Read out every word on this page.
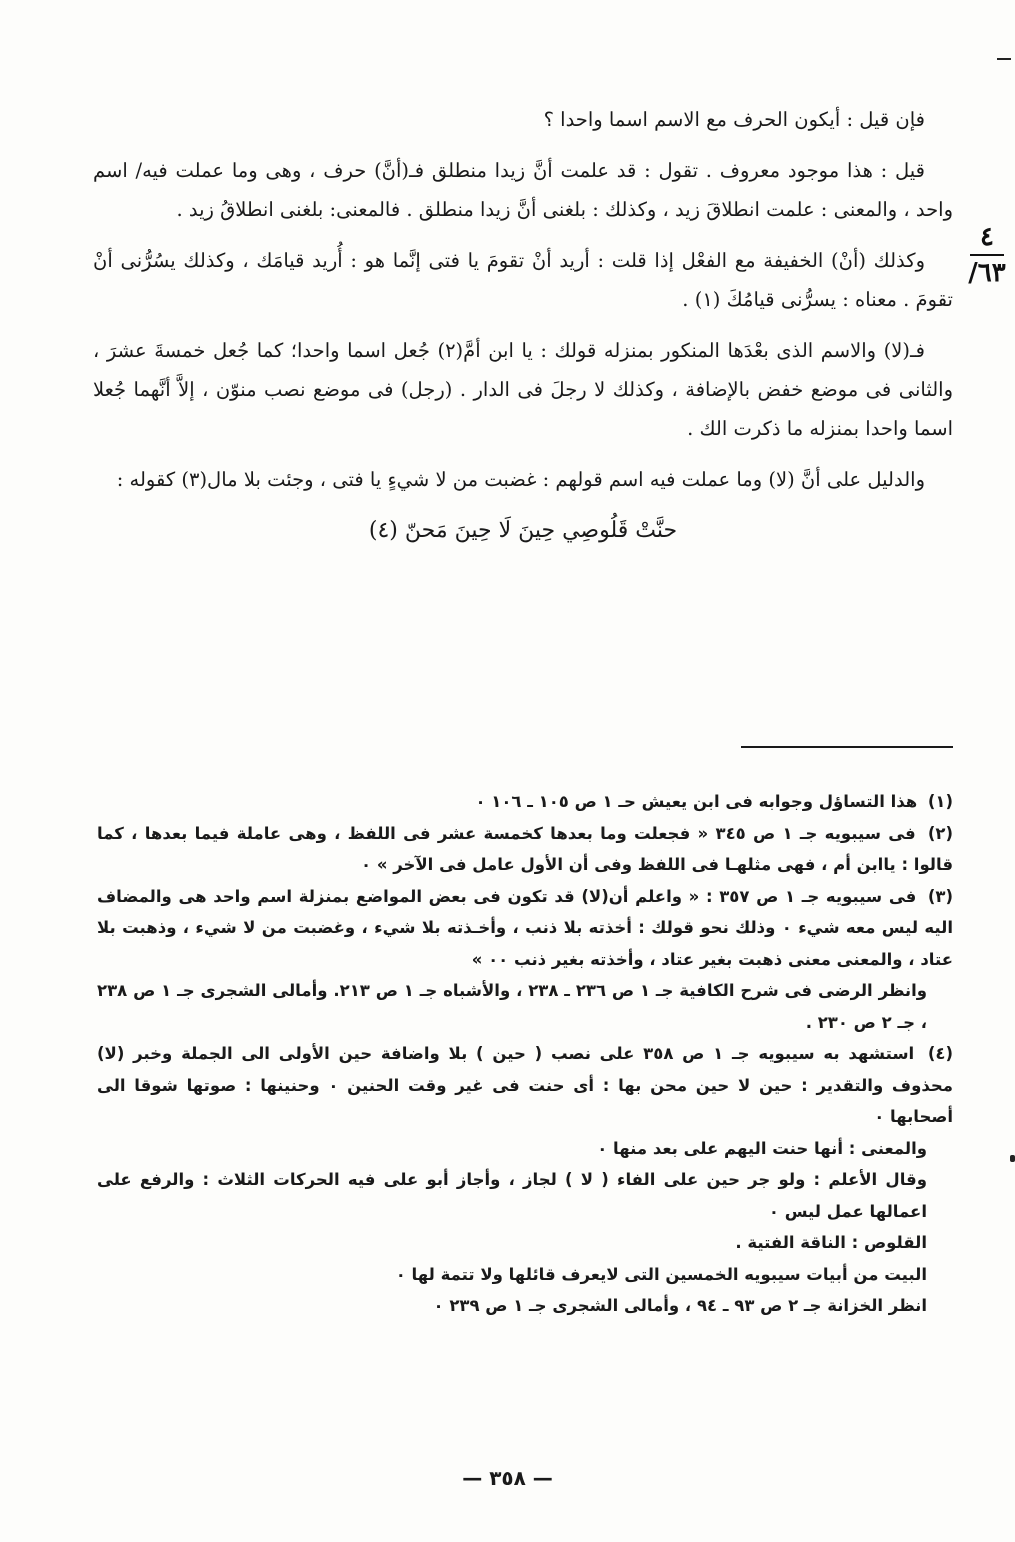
٤
٦٣/

فإن قيل : أيكون الحرف مع الاسم اسما واحدا ؟

قيل : هذا موجود معروف . تقول : قد علمت أنَّ زيدا منطلق فـ(أنَّ) حرف ، وهى وما عملت فيه/ اسم واحد ، والمعنى : علمت انطلاقَ زيد ، وكذلك : بلغنى أنَّ زيدا منطلق . فالمعنى: بلغنى انطلاقُ زيد .

وكذلك (أنْ) الخفيفة مع الفعْل إذا قلت : أريد أنْ تقومَ يا فتى إنَّما هو : أُريد قيامَك ، وكذلك يسُرُّنى أنْ تقومَ . معناه : يسرُّنى قيامُكَ (١) .

فـ(لا) والاسم الذى بعْدَها المنكور بمنزله قولك : يا ابن أمَّ(٢) جُعل اسما واحدا؛ كما جُعل خمسةَ عشرَ ، والثانى فى موضع خفض بالإضافة ، وكذلك لا رجلَ فى الدار . (رجل) فى موضع نصب منوّن ، إلاَّ أنَّهما جُعلا اسما واحدا بمنزله ما ذكرت الك .

والدليل على أنَّ (لا) وما عملت فيه اسم قولهم : غضبت من لا شيءٍ يا فتى ، وجئت بلا مال(٣) كقوله :

حنَّتْ قَلُوصِي حِينَ لَا حِينَ مَحنّ (٤)

(١) هذا التساؤل وجوابه فى ابن يعيش حـ ١ ص ١٠٥ ـ ١٠٦ ٠

(٢) فى سيبويه جـ ١ ص ٣٤٥ « فجعلت وما بعدها كخمسة عشر فى اللفظ ، وهى عاملة فيما بعدها ، كما قالوا : ياابن أم ، فهى مثلهـا فى اللفظ وفى أن الأول عامل فى الآخر » ٠

(٣) فى سيبويه جـ ١ ص ٣٥٧ : « واعلم أن(لا) قد تكون فى بعض المواضع بمنزلة اسم واحد هى والمضاف اليه ليس معه شيء ٠ وذلك نحو قولك : أخذته بلا ذنب ، وأخـذته بلا شيء ، وغضبت من لا شيء ، وذهبت بلا عتاد ، والمعنى معنى ذهبت بغير عتاد ، وأخذته بغير ذنب ٠٠ »

وانظر الرضى فى شرح الكافية جـ ١ ص ٢٣٦ ـ ٢٣٨ ، والأشباه جـ ١ ص ٢١٣. وأمالى الشجرى جـ ١ ص ٢٣٨ ، جـ ٢ ص ٢٣٠ .

(٤) استشهد به سيبويه جـ ١ ص ٣٥٨ على نصب ( حين ) بلا واضافة حين الأولى الى الجملة وخبر (لا) محذوف والتقدير : حين لا حين محن بها : أى حنت فى غير وقت الحنين ٠ وحنينها : صوتها شوقا الى أصحابها ٠

والمعنى : أنها حنت اليهم على بعد منها ٠

وقال الأعلم : ولو جر حين على الفاء ( لا ) لجاز ، وأجاز أبو على فيه الحركات الثلاث : والرفع على اعمالها عمل ليس ٠

القلوص : الناقة الفتية .

البيت من أبيات سيبويه الخمسين التى لايعرف قائلها ولا تتمة لها ٠

انظر الخزانة جـ ٢ ص ٩٣ ـ ٩٤ ، وأمالى الشجرى جـ ١ ص ٢٣٩ ٠

— ٣٥٨ —
